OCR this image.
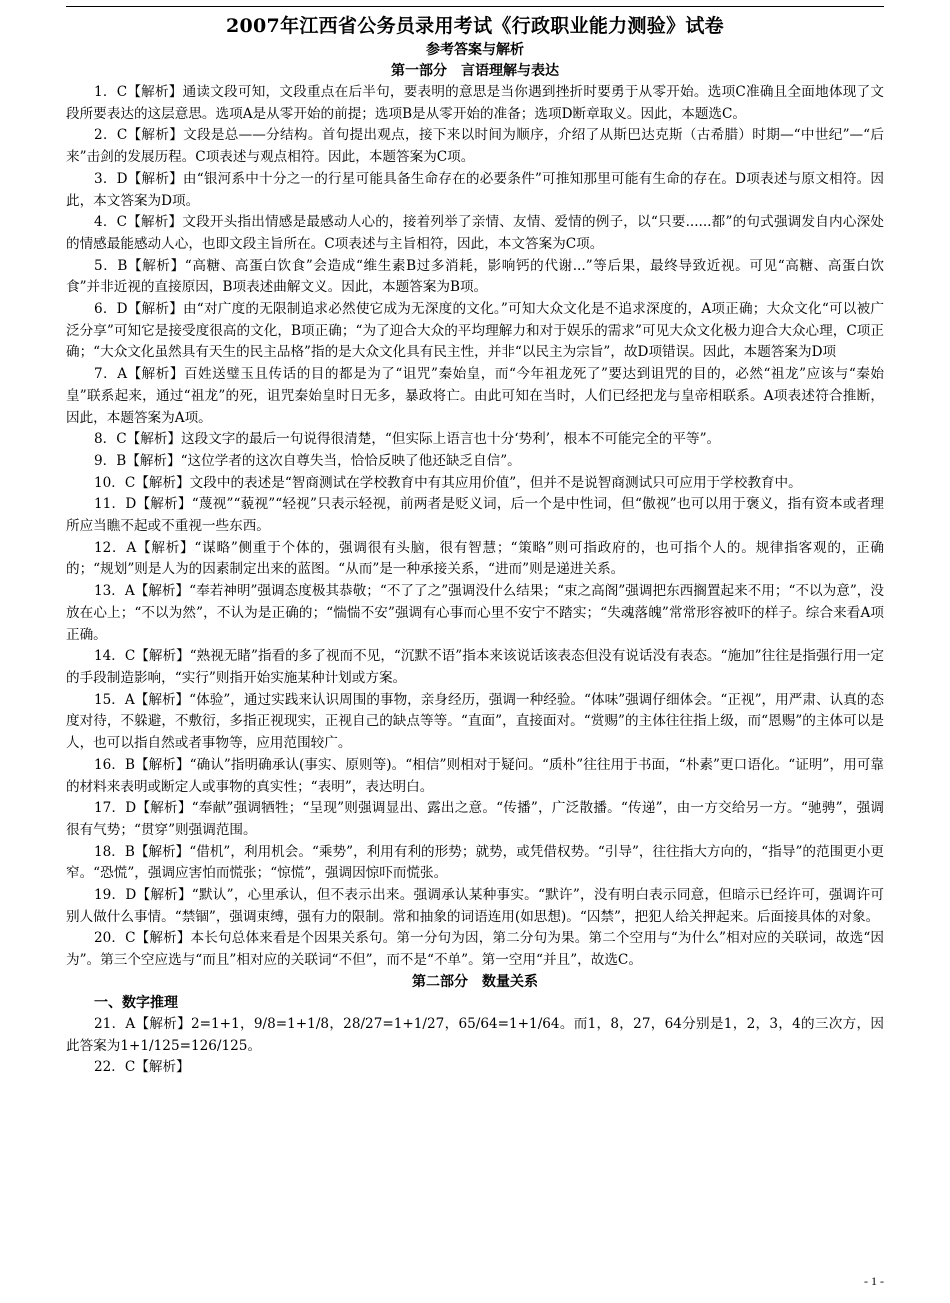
2007年江西省公务员录用考试《行政职业能力测验》试卷
参考答案与解析
第一部分　言语理解与表达

1．C【解析】通读文段可知，文段重点在后半句，要表明的意思是当你遇到挫折时要勇于从零开始。选项C准确且全面地体现了文段所要表达的这层意思。选项A是从零开始的前提；选项B是从零开始的准备；选项D断章取义。因此，本题选C。

2．C【解析】文段是总——分结构。首句提出观点，接下来以时间为顺序，介绍了从斯巴达克斯（古希腊）时期—“中世纪”—“后来”击剑的发展历程。C项表述与观点相符。因此，本题答案为C项。

3．D【解析】由“银河系中十分之一的行星可能具备生命存在的必要条件”可推知那里可能有生命的存在。D项表述与原文相符。因此，本文答案为D项。

4．C【解析】文段开头指出情感是最感动人心的，接着列举了亲情、友情、爱情的例子，以“只要......都”的句式强调发自内心深处的情感最能感动人心，也即文段主旨所在。C项表述与主旨相符，因此，本文答案为C项。

5．B【解析】“高糖、高蛋白饮食”会造成“维生素B过多消耗，影响钙的代谢...”等后果，最终导致近视。可见“高糖、高蛋白饮食”并非近视的直接原因，B项表述曲解文义。因此，本题答案为B项。

6．D【解析】由“对广度的无限制追求必然使它成为无深度的文化。”可知大众文化是不追求深度的，A项正确；大众文化“可以被广泛分享”可知它是接受度很高的文化，B项正确；“为了迎合大众的平均理解力和对于娱乐的需求”可见大众文化极力迎合大众心理，C项正确；“大众文化虽然具有天生的民主品格”指的是大众文化具有民主性，并非“以民主为宗旨”，故D项错误。因此，本题答案为D项

7．A【解析】百姓送璧玉且传话的目的都是为了“诅咒”秦始皇，而“今年祖龙死了”要达到诅咒的目的，必然“祖龙”应该与“秦始皇”联系起来，通过“祖龙”的死，诅咒秦始皇时日无多，暴政将亡。由此可知在当时，人们已经把龙与皇帝相联系。A项表述符合推断，因此，本题答案为A项。

8．C【解析】这段文字的最后一句说得很清楚，“但实际上语言也十分‘势利’，根本不可能完全的平等”。

9．B【解析】“这位学者的这次自尊失当，恰恰反映了他还缺乏自信”。

10．C【解析】文段中的表述是“智商测试在学校教育中有其应用价值”，但并不是说智商测试只可应用于学校教育中。

11．D【解析】“蔑视”“藐视”“轻视”只表示轻视，前两者是贬义词，后一个是中性词，但“傲视”也可以用于褒义，指有资本或者理所应当瞧不起或不重视一些东西。

12．A【解析】“谋略”侧重于个体的，强调很有头脑，很有智慧；“策略”则可指政府的，也可指个人的。规律指客观的，正确的；“规划”则是人为的因素制定出来的蓝图。“从而”是一种承接关系，“进而”则是递进关系。

13．A【解析】“奉若神明”强调态度极其恭敬；“不了了之”强调没什么结果；“束之高阁”强调把东西搁置起来不用；“不以为意”，没放在心上；“不以为然”，不认为是正确的；“惴惴不安”强调有心事而心里不安宁不踏实；“失魂落魄”常常形容被吓的样子。综合来看A项正确。

14．C【解析】“熟视无睹”指看的多了视而不见，“沉默不语”指本来该说话该表态但没有说话没有表态。“施加”往往是指强行用一定的手段制造影响，“实行”则指开始实施某种计划或方案。

15．A【解析】“体验”，通过实践来认识周围的事物，亲身经历，强调一种经验。“体味”强调仔细体会。“正视”，用严肃、认真的态度对待，不躲避，不敷衍，多指正视现实，正视自己的缺点等等。“直面”，直接面对。“赏赐”的主体往往指上级，而“恩赐”的主体可以是人，也可以指自然或者事物等，应用范围较广。

16．B【解析】“确认”指明确承认(事实、原则等)。“相信”则相对于疑问。“质朴”往往用于书面，“朴素”更口语化。“证明”，用可靠的材料来表明或断定人或事物的真实性；“表明”，表达明白。

17．D【解析】“奉献”强调牺牲；“呈现”则强调显出、露出之意。“传播”，广泛散播。“传递”，由一方交给另一方。“驰骋”，强调很有气势；“贯穿”则强调范围。

18．B【解析】“借机”，利用机会。“乘势”，利用有利的形势；就势，或凭借权势。“引导”，往往指大方向的，“指导”的范围更小更窄。“恐慌”，强调应害怕而慌张；“惊慌”，强调因惊吓而慌张。

19．D【解析】“默认”，心里承认，但不表示出来。强调承认某种事实。“默许”，没有明白表示同意，但暗示已经许可，强调许可别人做什么事情。“禁锢”，强调束缚，强有力的限制。常和抽象的词语连用(如思想)。“囚禁”，把犯人给关押起来。后面接具体的对象。

20．C【解析】本长句总体来看是个因果关系句。第一分句为因，第二分句为果。第二个空用与“为什么”相对应的关联词，故选“因为”。第三个空应选与“而且”相对应的关联词“不但”，而不是“不单”。第一空用“并且”，故选C。

第二部分　数量关系
一、数字推理

21．A【解析】2=1+1，9/8=1+1/8，28/27=1+1/27，65/64=1+1/64。而1，8，27，64分别是1，2，3，4的三次方，因此答案为1+1/125=126/125。

22．C【解析】

- 1 -
